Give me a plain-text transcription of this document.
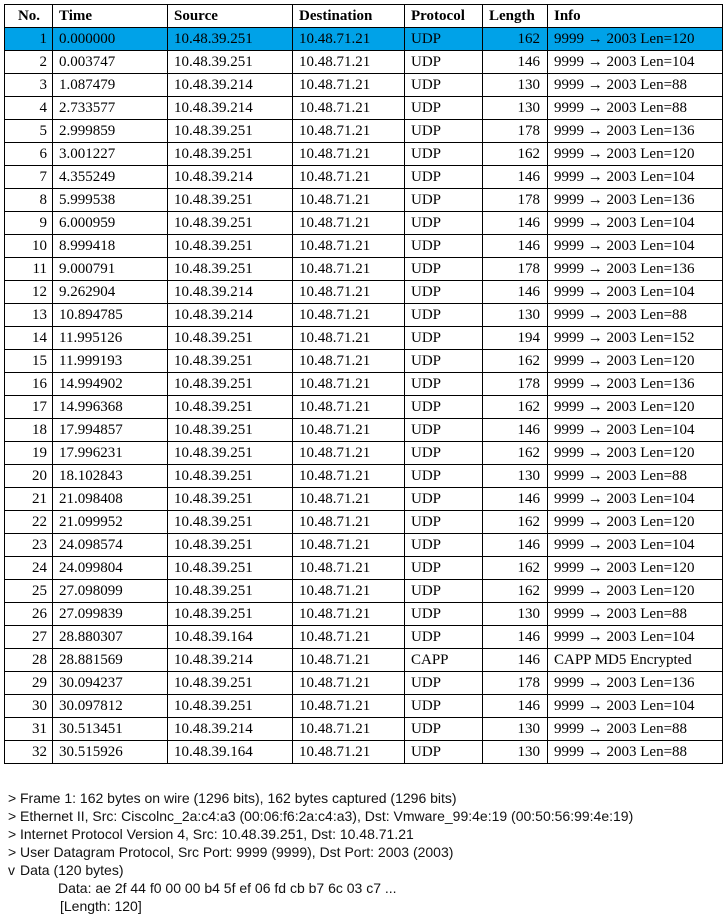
No.	Time	Source	Destination	Protocol	Length	Info
1	0.000000	10.48.39.251	10.48.71.21	UDP	162	9999 → 2003 Len=120
2	0.003747	10.48.39.251	10.48.71.21	UDP	146	9999 → 2003 Len=104
3	1.087479	10.48.39.214	10.48.71.21	UDP	130	9999 → 2003 Len=88
4	2.733577	10.48.39.214	10.48.71.21	UDP	130	9999 → 2003 Len=88
5	2.999859	10.48.39.251	10.48.71.21	UDP	178	9999 → 2003 Len=136
6	3.001227	10.48.39.251	10.48.71.21	UDP	162	9999 → 2003 Len=120
7	4.355249	10.48.39.214	10.48.71.21	UDP	146	9999 → 2003 Len=104
8	5.999538	10.48.39.251	10.48.71.21	UDP	178	9999 → 2003 Len=136
9	6.000959	10.48.39.251	10.48.71.21	UDP	146	9999 → 2003 Len=104
10	8.999418	10.48.39.251	10.48.71.21	UDP	146	9999 → 2003 Len=104
11	9.000791	10.48.39.251	10.48.71.21	UDP	178	9999 → 2003 Len=136
12	9.262904	10.48.39.214	10.48.71.21	UDP	146	9999 → 2003 Len=104
13	10.894785	10.48.39.214	10.48.71.21	UDP	130	9999 → 2003 Len=88
14	11.995126	10.48.39.251	10.48.71.21	UDP	194	9999 → 2003 Len=152
15	11.999193	10.48.39.251	10.48.71.21	UDP	162	9999 → 2003 Len=120
16	14.994902	10.48.39.251	10.48.71.21	UDP	178	9999 → 2003 Len=136
17	14.996368	10.48.39.251	10.48.71.21	UDP	162	9999 → 2003 Len=120
18	17.994857	10.48.39.251	10.48.71.21	UDP	146	9999 → 2003 Len=104
19	17.996231	10.48.39.251	10.48.71.21	UDP	162	9999 → 2003 Len=120
20	18.102843	10.48.39.251	10.48.71.21	UDP	130	9999 → 2003 Len=88
21	21.098408	10.48.39.251	10.48.71.21	UDP	146	9999 → 2003 Len=104
22	21.099952	10.48.39.251	10.48.71.21	UDP	162	9999 → 2003 Len=120
23	24.098574	10.48.39.251	10.48.71.21	UDP	146	9999 → 2003 Len=104
24	24.099804	10.48.39.251	10.48.71.21	UDP	162	9999 → 2003 Len=120
25	27.098099	10.48.39.251	10.48.71.21	UDP	162	9999 → 2003 Len=120
26	27.099839	10.48.39.251	10.48.71.21	UDP	130	9999 → 2003 Len=88
27	28.880307	10.48.39.164	10.48.71.21	UDP	146	9999 → 2003 Len=104
28	28.881569	10.48.39.214	10.48.71.21	CAPP	146	CAPP MD5 Encrypted
29	30.094237	10.48.39.251	10.48.71.21	UDP	178	9999 → 2003 Len=136
30	30.097812	10.48.39.251	10.48.71.21	UDP	146	9999 → 2003 Len=104
31	30.513451	10.48.39.214	10.48.71.21	UDP	130	9999 → 2003 Len=88
32	30.515926	10.48.39.164	10.48.71.21	UDP	130	9999 → 2003 Len=88
> Frame 1: 162 bytes on wire (1296 bits), 162 bytes captured (1296 bits)
> Ethernet II, Src: Ciscolnc_2a:c4:a3 (00:06:f6:2a:c4:a3), Dst: Vmware_99:4e:19 (00:50:56:99:4e:19)
> Internet Protocol Version 4, Src: 10.48.39.251, Dst: 10.48.71.21
> User Datagram Protocol, Src Port: 9999 (9999), Dst Port: 2003 (2003)
v Data (120 bytes)
Data: ae 2f 44 f0 00 00 b4 5f ef 06 fd cb b7 6c 03 c7 ...
[Length: 120]
